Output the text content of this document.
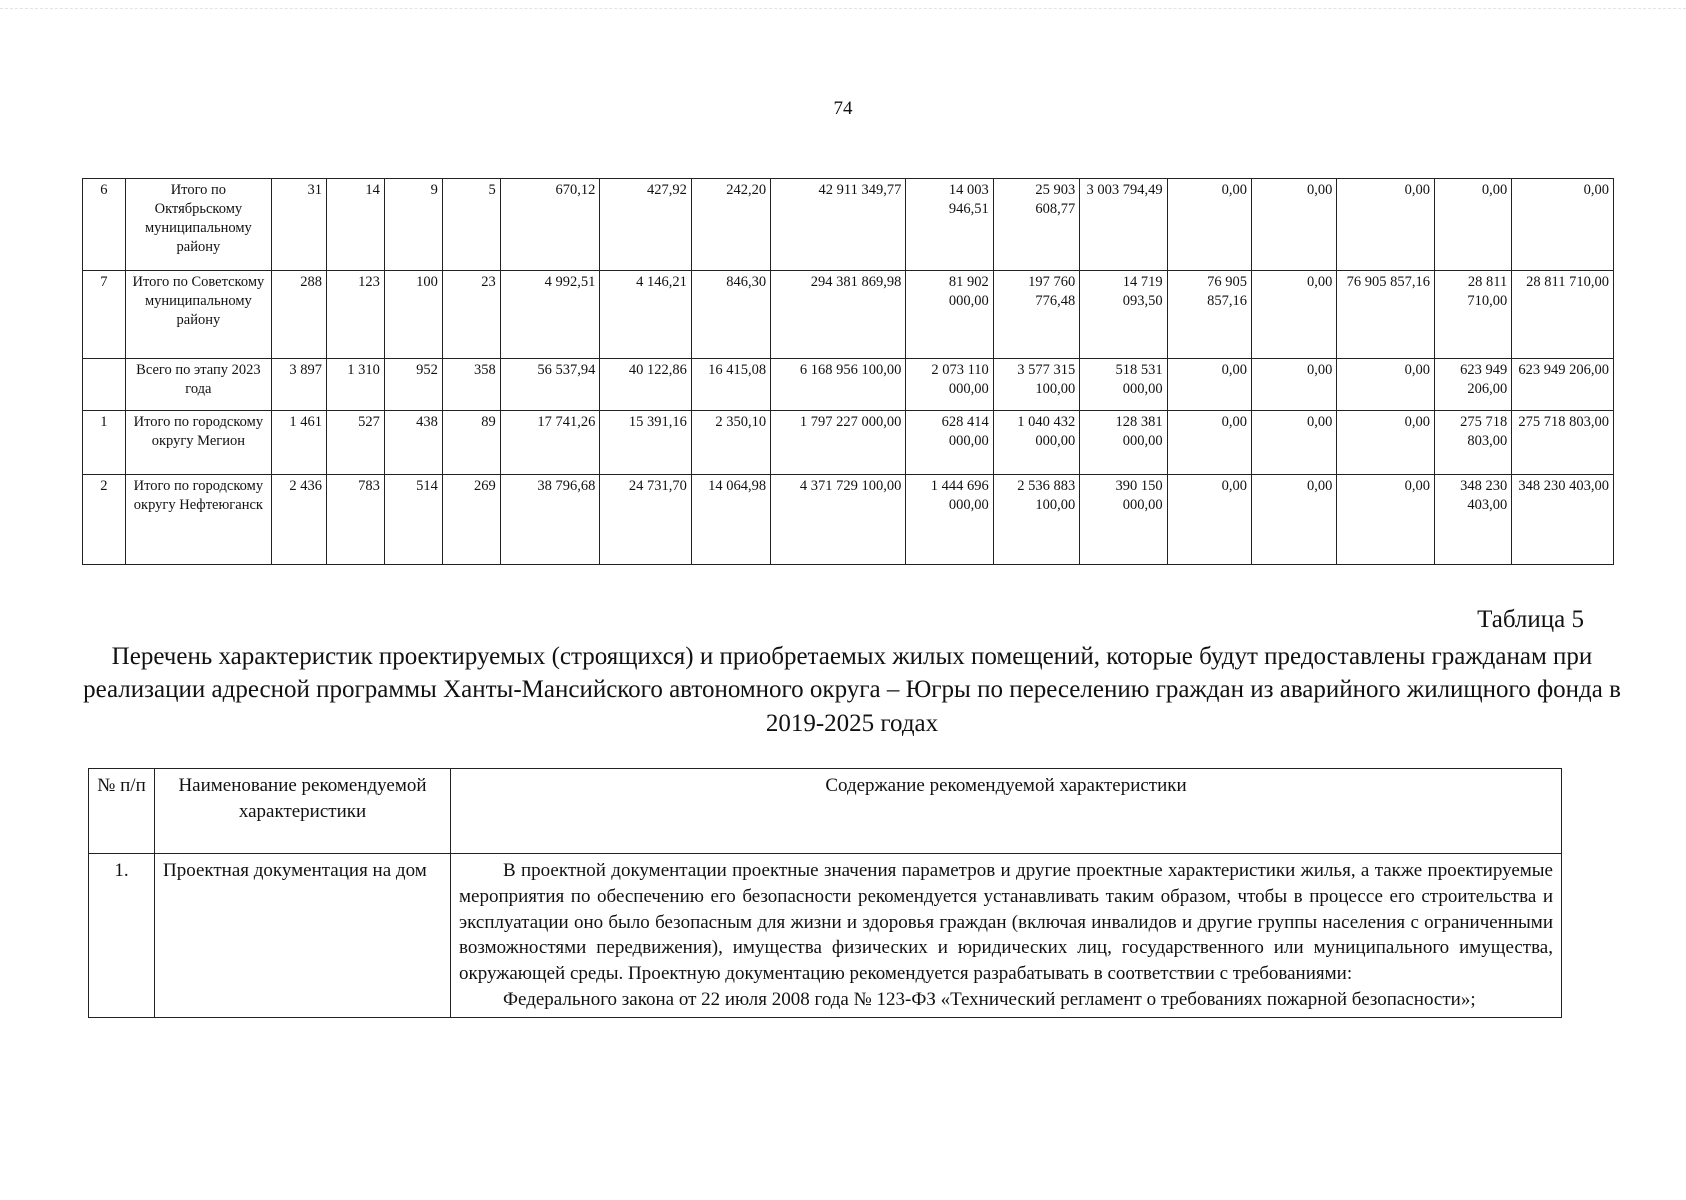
74
6	Итого по Октябрьскому муниципальному району	31	14	9	5	670,12	427,92	242,20	42 911 349,77	14 003 946,51	25 903 608,77	3 003 794,49	0,00	0,00	0,00	0,00	0,00
7	Итого по Советскому муниципальному району	288	123	100	23	4 992,51	4 146,21	846,30	294 381 869,98	81 902 000,00	197 760 776,48	14 719 093,50	76 905 857,16	0,00	76 905 857,16	28 811 710,00	28 811 710,00
	Всего по этапу 2023 года	3 897	1 310	952	358	56 537,94	40 122,86	16 415,08	6 168 956 100,00	2 073 110 000,00	3 577 315 100,00	518 531 000,00	0,00	0,00	0,00	623 949 206,00	623 949 206,00
1	Итого по городскому округу Мегион	1 461	527	438	89	17 741,26	15 391,16	2 350,10	1 797 227 000,00	628 414 000,00	1 040 432 000,00	128 381 000,00	0,00	0,00	0,00	275 718 803,00	275 718 803,00
2	Итого по городскому округу Нефтеюганск	2 436	783	514	269	38 796,68	24 731,70	14 064,98	4 371 729 100,00	1 444 696 000,00	2 536 883 100,00	390 150 000,00	0,00	0,00	0,00	348 230 403,00	348 230 403,00
Таблица 5
Перечень характеристик проектируемых (строящихся) и приобретаемых жилых помещений, которые будут предоставлены гражданам при реализации адресной программы Ханты-Мансийского автономного округа – Югры по переселению граждан из аварийного жилищного фонда в 2019-2025 годах
№ п/п	Наименование рекомендуемой характеристики	Содержание рекомендуемой характеристики
1.	Проектная документация на дом	В проектной документации проектные значения параметров и другие проектные характеристики жилья, а также проектируемые мероприятия по обеспечению его безопасности рекомендуется устанавливать таким образом, чтобы в процессе его строительства и эксплуатации оно было безопасным для жизни и здоровья граждан (включая инвалидов и другие группы населения с ограниченными возможностями передвижения), имущества физических и юридических лиц, государственного или муниципального имущества, окружающей среды. Проектную документацию рекомендуется разрабатывать в соответствии с требованиями:

Федерального закона от 22 июля 2008 года № 123-ФЗ «Технический регламент о требованиях пожарной безопасности»;
